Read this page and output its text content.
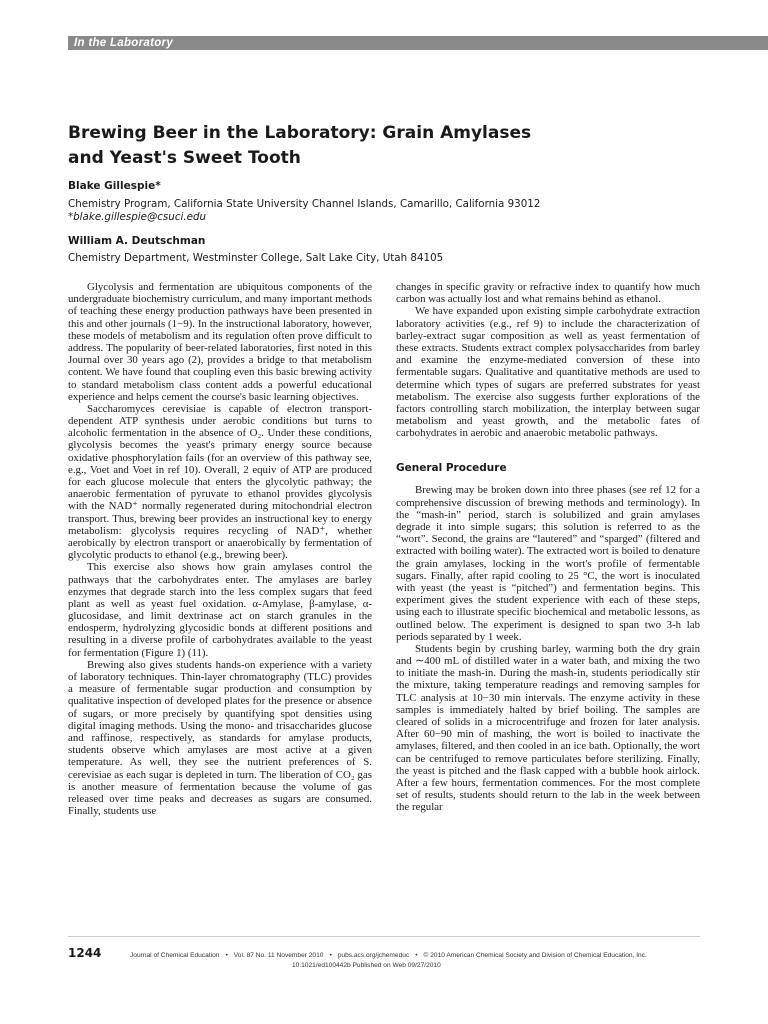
In the Laboratory
Brewing Beer in the Laboratory: Grain Amylases
and Yeast's Sweet Tooth

Blake Gillespie*

Chemistry Program, California State University Channel Islands, Camarillo, California 93012

*blake.gillespie@csuci.edu

William A. Deutschman

Chemistry Department, Westminster College, Salt Lake City, Utah 84105

Glycolysis and fermentation are ubiquitous components of the undergraduate biochemistry curriculum, and many important methods of teaching these energy production pathways have been presented in this and other journals (1−9). In the instructional laboratory, however, these models of metabolism and its regulation often prove difficult to address. The popularity of beer-related laboratories, first noted in this Journal over 30 years ago (2), provides a bridge to that metabolism content. We have found that coupling even this basic brewing activity to standard metabolism class content adds a powerful educational experience and helps cement the course's basic learning objectives.

Saccharomyces cerevisiae is capable of electron transport-dependent ATP synthesis under aerobic conditions but turns to alcoholic fermentation in the absence of O₂. Under these conditions, glycolysis becomes the yeast's primary energy source because oxidative phosphorylation fails (for an overview of this pathway see, e.g., Voet and Voet in ref 10). Overall, 2 equiv of ATP are produced for each glucose molecule that enters the glycolytic pathway; the anaerobic fermentation of pyruvate to ethanol provides glycolysis with the NAD⁺ normally regenerated during mitochondrial electron transport. Thus, brewing beer provides an instructional key to energy metabolism: glycolysis requires recycling of NAD⁺, whether aerobically by electron transport or anaerobically by fermentation of glycolytic products to ethanol (e.g., brewing beer).

This exercise also shows how grain amylases control the pathways that the carbohydrates enter. The amylases are barley enzymes that degrade starch into the less complex sugars that feed plant as well as yeast fuel oxidation. α-Amylase, β-amylase, α-glucosidase, and limit dextrinase act on starch granules in the endosperm, hydrolyzing glycosidic bonds at different positions and resulting in a diverse profile of carbohydrates available to the yeast for fermentation (Figure 1) (11).

Brewing also gives students hands-on experience with a variety of laboratory techniques. Thin-layer chromatography (TLC) provides a measure of fermentable sugar production and consumption by qualitative inspection of developed plates for the presence or absence of sugars, or more precisely by quantifying spot densities using digital imaging methods. Using the mono- and trisaccharides glucose and raffinose, respectively, as standards for amylase products, students observe which amylases are most active at a given temperature. As well, they see the nutrient preferences of S. cerevisiae as each sugar is depleted in turn. The liberation of CO₂ gas is another measure of fermentation because the volume of gas released over time peaks and decreases as sugars are consumed. Finally, students use

changes in specific gravity or refractive index to quantify how much carbon was actually lost and what remains behind as ethanol.

We have expanded upon existing simple carbohydrate extraction laboratory activities (e.g., ref 9) to include the characterization of barley-extract sugar composition as well as yeast fermentation of these extracts. Students extract complex polysaccharides from barley and examine the enzyme-mediated conversion of these into fermentable sugars. Qualitative and quantitative methods are used to determine which types of sugars are preferred substrates for yeast metabolism. The exercise also suggests further explorations of the factors controlling starch mobilization, the interplay between sugar metabolism and yeast growth, and the metabolic fates of carbohydrates in aerobic and anaerobic metabolic pathways.

General Procedure

Brewing may be broken down into three phases (see ref 12 for a comprehensive discussion of brewing methods and terminology). In the “mash-in” period, starch is solubilized and grain amylases degrade it into simple sugars; this solution is referred to as the “wort”. Second, the grains are “lautered” and “sparged” (filtered and extracted with boiling water). The extracted wort is boiled to denature the grain amylases, locking in the wort's profile of fermentable sugars. Finally, after rapid cooling to 25 °C, the wort is inoculated with yeast (the yeast is “pitched”) and fermentation begins. This experiment gives the student experience with each of these steps, using each to illustrate specific biochemical and metabolic lessons, as outlined below. The experiment is designed to span two 3-h lab periods separated by 1 week.

Students begin by crushing barley, warming both the dry grain and ∼400 mL of distilled water in a water bath, and mixing the two to initiate the mash-in. During the mash-in, students periodically stir the mixture, taking temperature readings and removing samples for TLC analysis at 10−30 min intervals. The enzyme activity in these samples is immediately halted by brief boiling. The samples are cleared of solids in a microcentrifuge and frozen for later analysis. After 60−90 min of mashing, the wort is boiled to inactivate the amylases, filtered, and then cooled in an ice bath. Optionally, the wort can be centrifuged to remove particulates before sterilizing. Finally, the yeast is pitched and the flask capped with a bubble hook airlock. After a few hours, fermentation commences. For the most complete set of results, students should return to the lab in the week between the regular

1244	Journal of Chemical Education • Vol. 87 No. 11 November 2010 • pubs.acs.org/jchemeduc • © 2010 American Chemical Society and Division of Chemical Education, Inc.
10.1021/ed100442b Published on Web 09/27/2010
